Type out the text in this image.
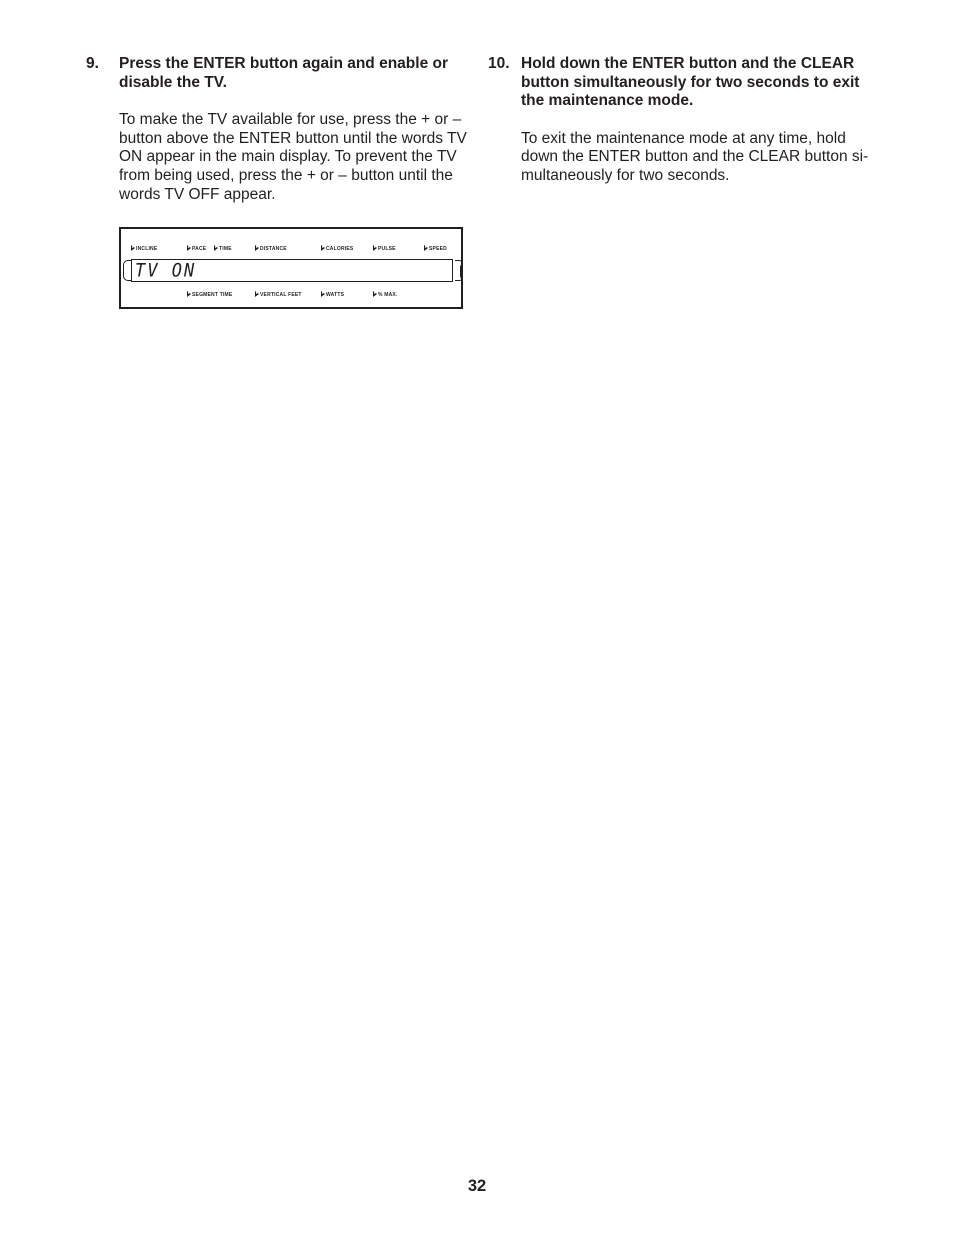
9. Press the ENTER button again and enable or disable the TV.

To make the TV available for use, press the + or – button above the ENTER button until the words TV ON appear in the main display. To prevent the TV from being used, press the + or – button until the words TV OFF appear.

10. Hold down the ENTER button and the CLEAR button simultaneously for two seconds to exit the maintenance mode.

To exit the maintenance mode at any time, hold down the ENTER button and the CLEAR button si-multaneously for two seconds.

INCLINE	PACE	TIME	DISTANCE	CALORIES	PULSE	SPEED
TV ON
SEGMENT TIME	VERTICAL FEET	WATTS	% MAX.
32
